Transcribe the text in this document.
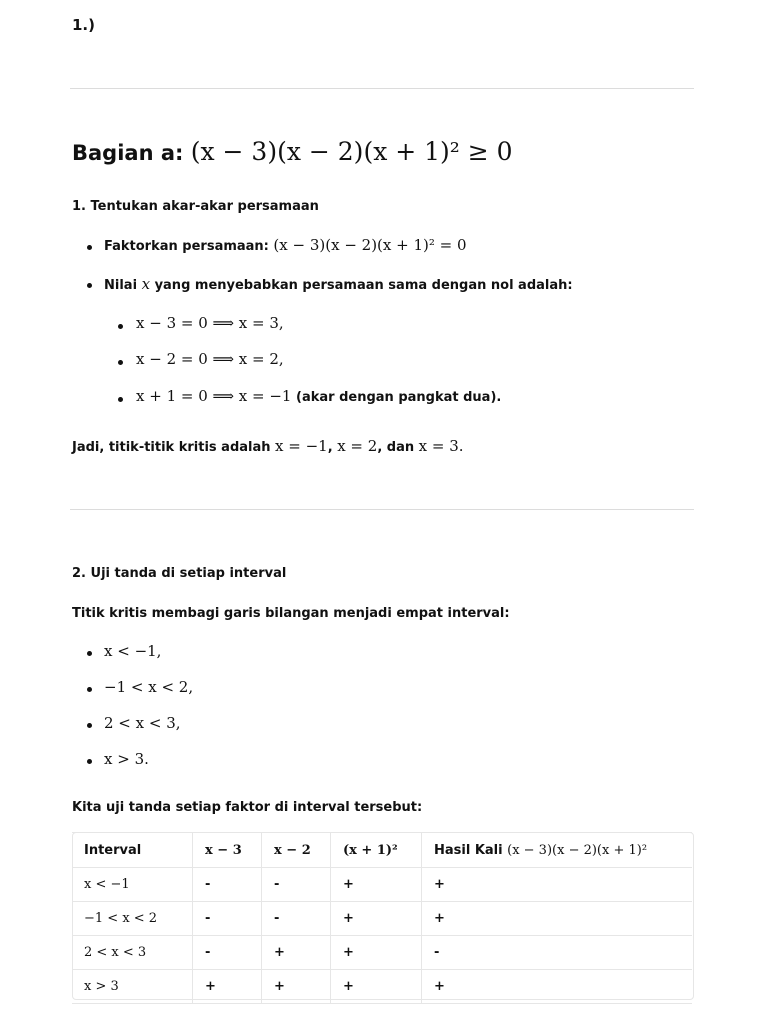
1.)
Bagian a: (x − 3)(x − 2)(x + 1)² ≥ 0
1. Tentukan akar-akar persamaan
Faktorkan persamaan: (x − 3)(x − 2)(x + 1)² = 0
Nilai x yang menyebabkan persamaan sama dengan nol adalah:
x − 3 = 0 ⟹ x = 3,
x − 2 = 0 ⟹ x = 2,
x + 1 = 0 ⟹ x = −1 (akar dengan pangkat dua).
Jadi, titik-titik kritis adalah x = −1, x = 2, dan x = 3.
2. Uji tanda di setiap interval
Titik kritis membagi garis bilangan menjadi empat interval:
x < −1,
−1 < x < 2,
2 < x < 3,
x > 3.
Kita uji tanda setiap faktor di interval tersebut:
Interval	x − 3	x − 2	(x + 1)²	Hasil Kali (x − 3)(x − 2)(x + 1)²
x < −1	-	-	+	+
−1 < x < 2	-	-	+	+
2 < x < 3	-	+	+	-
x > 3	+	+	+	+
